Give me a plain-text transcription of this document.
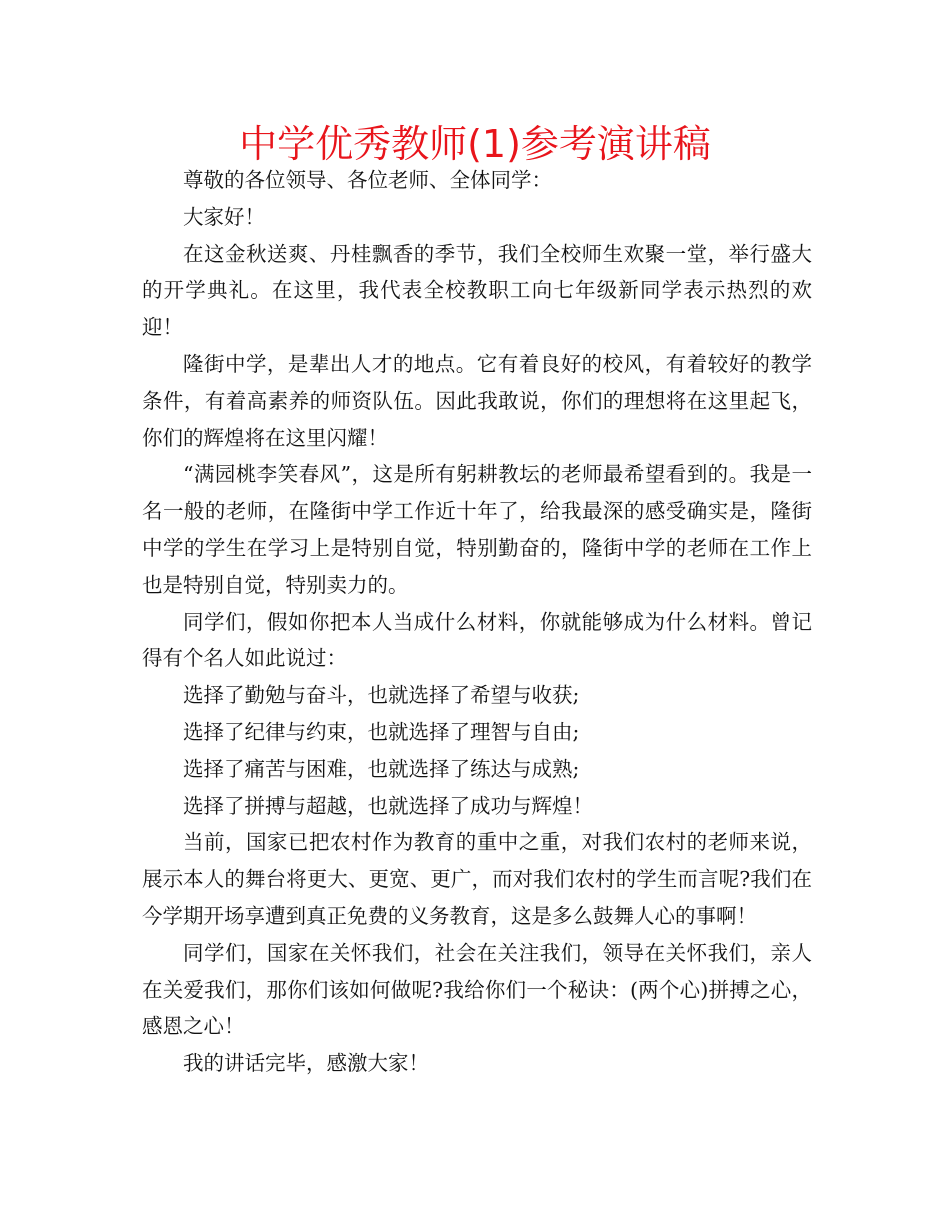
中学优秀教师(1)参考演讲稿

尊敬的各位领导、各位老师、全体同学：

大家好！

在这金秋送爽、丹桂飘香的季节，我们全校师生欢聚一堂，举行盛大的开学典礼。在这里，我代表全校教职工向七年级新同学表示热烈的欢迎！

隆街中学，是辈出人才的地点。它有着良好的校风，有着较好的教学条件，有着高素养的师资队伍。因此我敢说，你们的理想将在这里起飞，你们的辉煌将在这里闪耀！

“满园桃李笑春风”，这是所有躬耕教坛的老师最希望看到的。我是一名一般的老师，在隆街中学工作近十年了，给我最深的感受确实是，隆街中学的学生在学习上是特别自觉，特别勤奋的，隆街中学的老师在工作上也是特别自觉，特别卖力的。

同学们，假如你把本人当成什么材料，你就能够成为什么材料。曾记得有个名人如此说过：

选择了勤勉与奋斗，也就选择了希望与收获;

选择了纪律与约束，也就选择了理智与自由;

选择了痛苦与困难，也就选择了练达与成熟;

选择了拼搏与超越，也就选择了成功与辉煌！

当前，国家已把农村作为教育的重中之重，对我们农村的老师来说，展示本人的舞台将更大、更宽、更广，而对我们农村的学生而言呢?我们在今学期开场享遭到真正免费的义务教育，这是多么鼓舞人心的事啊！

同学们，国家在关怀我们，社会在关注我们，领导在关怀我们，亲人在关爱我们，那你们该如何做呢?我给你们一个秘诀：(两个心)拼搏之心，感恩之心！

我的讲话完毕，感激大家！
